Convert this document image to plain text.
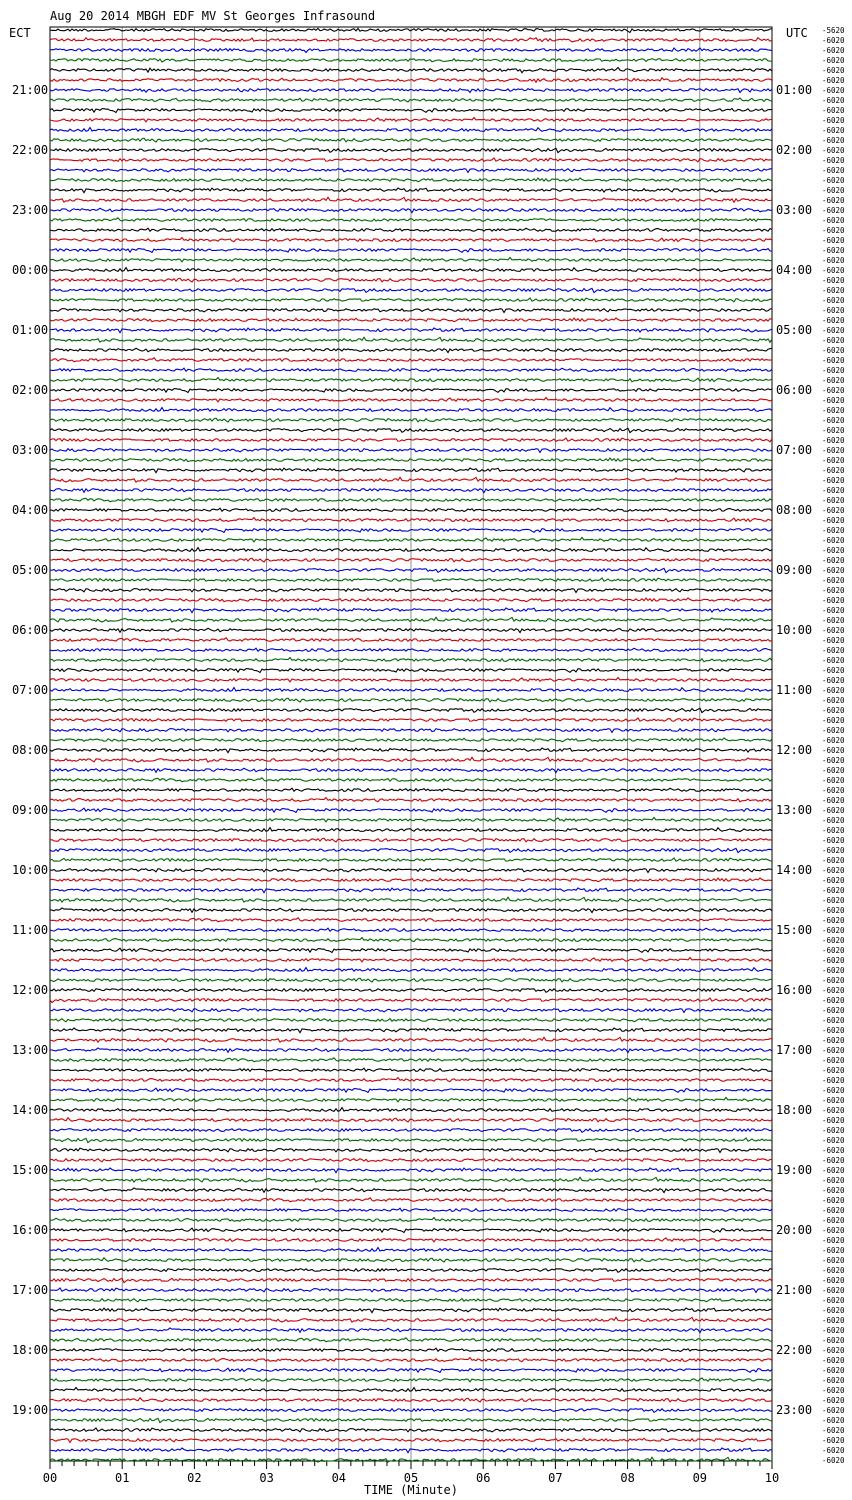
Aug 20 2014 MBGH EDF MV St Georges Infrasound
ECT	UTC
21:00
22:00
23:00
00:00
01:00
02:00
03:00
04:00
05:00
06:00
07:00
08:00
09:00
10:00
11:00
12:00
13:00
14:00
15:00
16:00
17:00
18:00
19:00
01:00
02:00
03:00
04:00
05:00
06:00
07:00
08:00
09:00
10:00
11:00
12:00
13:00
14:00
15:00
16:00
17:00
18:00
19:00
20:00
21:00
22:00
23:00
-5620
-6020
-6020
-6020
-6020
-6020
-6020
-6020
-6020
-6020
-6020
-6020
-6020
-6020
-6020
-6020
-6020
-6020
-6020
-6020
-6020
-6020
-6020
-6020
-6020
-6020
-6020
-6020
-6020
-6020
-6020
-6020
-6020
-6020
-6020
-6020
-6020
-6020
-6020
-6020
-6020
-6020
-6020
-6020
-6020
-6020
-6020
-6020
-6020
-6020
-6020
-6020
-6020
-6020
-6020
-6020
-6020
-6020
-6020
-6020
-6020
-6020
-6020
-6020
-6020
-6020
-6020
-6020
-6020
-6020
-6020
-6020
-6020
-6020
-6020
-6020
-6020
-6020
-6020
-6020
-6020
-6020
-6020
-6020
-6020
-6020
-6020
-6020
-6020
-6020
-6020
-6020
-6020
-6020
-6020
-6020
-6020
-6020
-6020
-6020
-6020
-6020
-6020
-6020
-6020
-6020
-6020
-6020
-6020
-6020
-6020
-6020
-6020
-6020
-6020
-6020
-6020
-6020
-6020
-6020
-6020
-6020
-6020
-6020
-6020
-6020
-6020
-6020
-6020
-6020
-6020
-6020
-6020
-6020
-6020
-6020
-6020
-6020
-6020
-6020
-6020
-6020
-6020
-6020
00	01	02	03	04	05	06	07	08	09	10
TIME (Minute)
